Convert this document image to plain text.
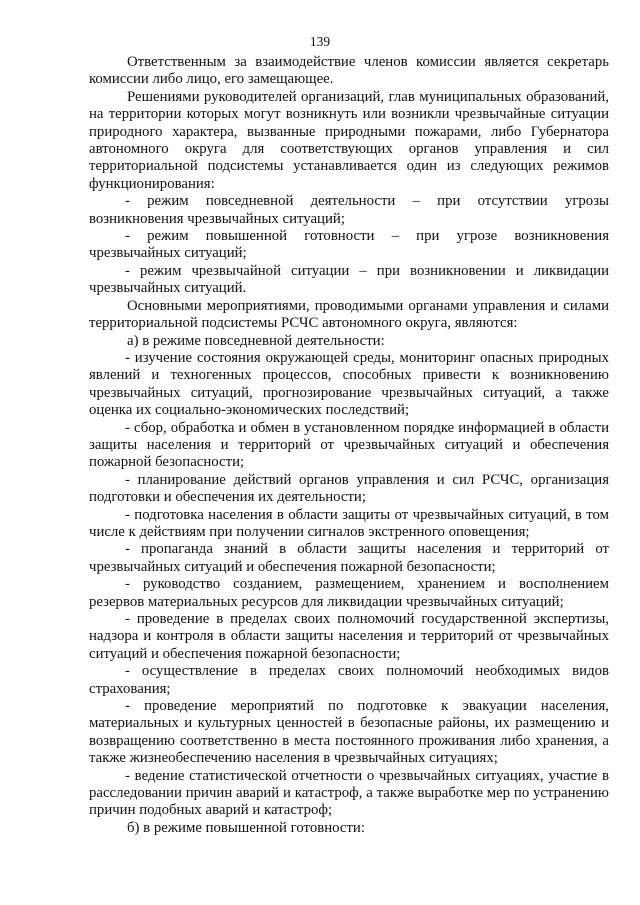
139

Ответственным за взаимодействие членов комиссии является секретарь комиссии либо лицо, его замещающее.

Решениями руководителей организаций, глав муниципальных образований, на территории которых могут возникнуть или возникли чрезвычайные ситуации природного характера, вызванные природными пожарами, либо Губернатора автономного округа для соответствующих органов управления и сил территориальной подсистемы устанавливается один из следующих режимов функционирования:

- режим повседневной деятельности – при отсутствии угрозы возникновения чрезвычайных ситуаций;

- режим повышенной готовности – при угрозе возникновения чрезвычайных ситуаций;

- режим чрезвычайной ситуации – при возникновении и ликвидации чрезвычайных ситуаций.

Основными мероприятиями, проводимыми органами управления и силами территориальной подсистемы РСЧС автономного округа, являются:

а) в режиме повседневной деятельности:

- изучение состояния окружающей среды, мониторинг опасных природных явлений и техногенных процессов, способных привести к возникновению чрезвычайных ситуаций, прогнозирование чрезвычайных ситуаций, а также оценка их социально-экономических последствий;

- сбор, обработка и обмен в установленном порядке информацией в области защиты населения и территорий от чрезвычайных ситуаций и обеспечения пожарной безопасности;

- планирование действий органов управления и сил РСЧС, организация подготовки и обеспечения их деятельности;

- подготовка населения в области защиты от чрезвычайных ситуаций, в том числе к действиям при получении сигналов экстренного оповещения;

- пропаганда знаний в области защиты населения и территорий от чрезвычайных ситуаций и обеспечения пожарной безопасности;

- руководство созданием, размещением, хранением и восполнением резервов материальных ресурсов для ликвидации чрезвычайных ситуаций;

- проведение в пределах своих полномочий государственной экспертизы, надзора и контроля в области защиты населения и территорий от чрезвычайных ситуаций и обеспечения пожарной безопасности;

- осуществление в пределах своих полномочий необходимых видов страхования;

- проведение мероприятий по подготовке к эвакуации населения, материальных и культурных ценностей в безопасные районы, их размещению и возвращению соответственно в места постоянного проживания либо хранения, а также жизнеобеспечению населения в чрезвычайных ситуациях;

- ведение статистической отчетности о чрезвычайных ситуациях, участие в расследовании причин аварий и катастроф, а также выработке мер по устранению причин подобных аварий и катастроф;

б) в режиме повышенной готовности:
